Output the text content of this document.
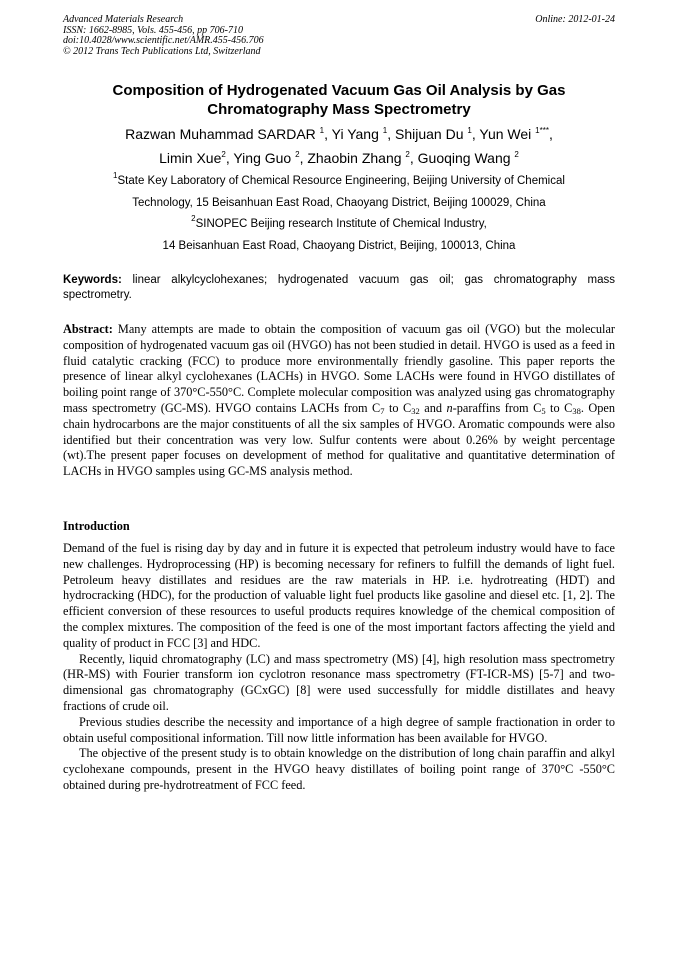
Advanced Materials Research
ISSN: 1662-8985, Vols. 455-456, pp 706-710
doi:10.4028/www.scientific.net/AMR.455-456.706
© 2012 Trans Tech Publications Ltd, Switzerland
Online: 2012-01-24
Composition of Hydrogenated Vacuum Gas Oil Analysis by Gas
Chromatography Mass Spectrometry
Razwan Muhammad SARDAR $^1$, Yi Yang $^1$, Shijuan Du $^1$, Yun Wei $^{1***}$,
Limin Xue$^2$, Ying Guo $^2$, Zhaobin Zhang $^2$, Guoqing Wang $^2$
$^1$State Key Laboratory of Chemical Resource Engineering, Beijing University of Chemical
Technology, 15 Beisanhuan East Road, Chaoyang District, Beijing 100029, China
$^2$SINOPEC Beijing research Institute of Chemical Industry,
14 Beisanhuan East Road, Chaoyang District, Beijing, 100013, China
Keywords: linear alkylcyclohexanes; hydrogenated vacuum gas oil; gas chromatography mass spectrometry.
Abstract: Many attempts are made to obtain the composition of vacuum gas oil (VGO) but the molecular composition of hydrogenated vacuum gas oil (HVGO) has not been studied in detail. HVGO is used as a feed in fluid catalytic cracking (FCC) to produce more environmentally friendly gasoline. This paper reports the presence of linear alkyl cyclohexanes (LACHs) in HVGO. Some LACHs were found in HVGO distillates of boiling point range of 370°C-550°C. Complete molecular composition was analyzed using gas chromatography mass spectrometry (GC-MS). HVGO contains LACHs from $C_7$ to $C_{32}$ and n-paraffins from $C_5$ to $C_{38}$. Open chain hydrocarbons are the major constituents of all the six samples of HVGO. Aromatic compounds were also identified but their concentration was very low. Sulfur contents were about 0.26% by weight percentage (wt).The present paper focuses on development of method for qualitative and quantitative determination of LACHs in HVGO samples using GC-MS analysis method.
Introduction

Demand of the fuel is rising day by day and in future it is expected that petroleum industry would have to face new challenges. Hydroprocessing (HP) is becoming necessary for refiners to fulfill the demands of light fuel. Petroleum heavy distillates and residues are the raw materials in HP. i.e. hydrotreating (HDT) and hydrocracking (HDC), for the production of valuable light fuel products like gasoline and diesel etc. [1, 2]. The efficient conversion of these resources to useful products requires knowledge of the chemical composition of the complex mixtures. The composition of the feed is one of the most important factors affecting the yield and quality of product in FCC [3] and HDC.

Recently, liquid chromatography (LC) and mass spectrometry (MS) [4], high resolution mass spectrometry (HR-MS) with Fourier transform ion cyclotron resonance mass spectrometry (FT-ICR-MS) [5-7] and two-dimensional gas chromatography (GCxGC) [8] were used successfully for middle distillates and heavy fractions of crude oil.

Previous studies describe the necessity and importance of a high degree of sample fractionation in order to obtain useful compositional information. Till now little information has been available for HVGO.

The objective of the present study is to obtain knowledge on the distribution of long chain paraffin and alkyl cyclohexane compounds, present in the HVGO heavy distillates of boiling point range of 370°C -550°C obtained during pre-hydrotreatment of FCC feed.
